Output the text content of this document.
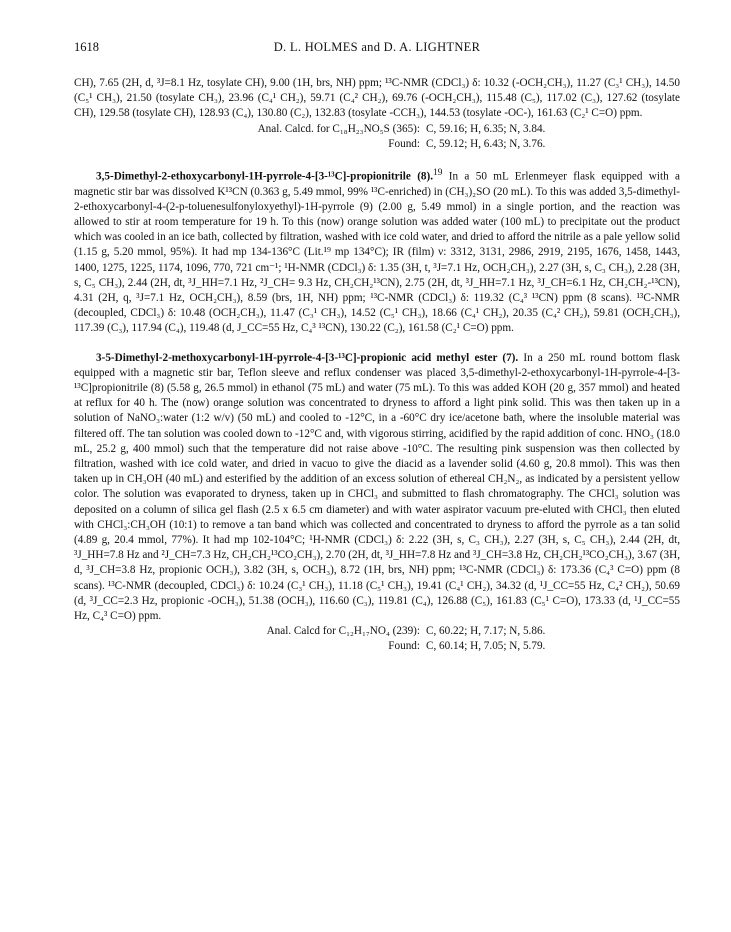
1618	D. L. HOLMES and D. A. LIGHTNER

CH), 7.65 (2H, d, ³J=8.1 Hz, tosylate CH), 9.00 (1H, brs, NH) ppm; ¹³C-NMR (CDCl₃) δ: 10.32 (-OCH₂CH₃), 11.27 (C₃¹ CH₃), 14.50 (C₅¹ CH₃), 21.50 (tosylate CH₃), 23.96 (C₄¹ CH₂), 59.71 (C₄² CH₂), 69.76 (-OCH₂CH₃), 115.48 (C₅), 117.02 (C₃), 127.62 (tosylate CH), 129.58 (tosylate CH), 128.93 (C₄), 130.80 (C₂), 132.83 (tosylate -CCH₃), 144.53 (tosylate -OC-), 161.63 (C₂¹ C=O) ppm.

Anal. Calcd. for C₁₈H₂₃NO₅S (365): C, 59.16; H, 6.35; N, 3.84.
Found: C, 59.12; H, 6.43; N, 3.76.

3,5-Dimethyl-2-ethoxycarbonyl-1H-pyrrole-4-[3-¹³C]-propionitrile (8).$^{19}$ In a 50 mL Erlenmeyer flask equipped with a magnetic stir bar was dissolved K¹³CN (0.363 g, 5.49 mmol, 99% ¹³C-enriched) in (CH₃)₂SO (20 mL). To this was added 3,5-dimethyl-2-ethoxycarbonyl-4-(2-p-toluenesulfonyloxyethyl)-1H-pyrrole (9) (2.00 g, 5.49 mmol) in a single portion, and the reaction was allowed to stir at room temperature for 19 h. To this (now) orange solution was added water (100 mL) to precipitate out the product which was cooled in an ice bath, collected by filtration, washed with ice cold water, and dried to afford the nitrile as a pale yellow solid (1.15 g, 5.20 mmol, 95%). It had mp 134-136°C (Lit.¹⁹ mp 134°C); IR (film) ν: 3312, 3131, 2986, 2919, 2195, 1676, 1458, 1443, 1400, 1275, 1225, 1174, 1096, 770, 721 cm⁻¹; ¹H-NMR (CDCl₃) δ: 1.35 (3H, t, ³J=7.1 Hz, OCH₂CH₃), 2.27 (3H, s, C₃ CH₃), 2.28 (3H, s, C₅ CH₃), 2.44 (2H, dt, ³J_HH=7.1 Hz, ²J_CH= 9.3 Hz, CH₂CH₂¹³CN), 2.75 (2H, dt, ³J_HH=7.1 Hz, ³J_CH=6.1 Hz, CH₂CH₂-¹³CN), 4.31 (2H, q, ³J=7.1 Hz, OCH₂CH₃), 8.59 (brs, 1H, NH) ppm; ¹³C-NMR (CDCl₃) δ: 119.32 (C₄³ ¹³CN) ppm (8 scans). ¹³C-NMR (decoupled, CDCl₃) δ: 10.48 (OCH₂CH₃), 11.47 (C₃¹ CH₃), 14.52 (C₅¹ CH₃), 18.66 (C₄¹ CH₂), 20.35 (C₄² CH₂), 59.81 (OCH₂CH₃), 117.39 (C₃), 117.94 (C₄), 119.48 (d, J_CC=55 Hz, C₄³ ¹³CN), 130.22 (C₂), 161.58 (C₂¹ C=O) ppm.

3-5-Dimethyl-2-methoxycarbonyl-1H-pyrrole-4-[3-¹³C]-propionic acid methyl ester (7). In a 250 mL round bottom flask equipped with a magnetic stir bar, Teflon sleeve and reflux condenser was placed 3,5-dimethyl-2-ethoxycarbonyl-1H-pyrrole-4-[3-¹³C]propionitrile (8) (5.58 g, 26.5 mmol) in ethanol (75 mL) and water (75 mL). To this was added KOH (20 g, 357 mmol) and heated at reflux for 40 h. The (now) orange solution was concentrated to dryness to afford a light pink solid. This was then taken up in a solution of NaNO₃:water (1:2 w/v) (50 mL) and cooled to -12°C, in a -60°C dry ice/acetone bath, where the insoluble material was filtered off. The tan solution was cooled down to -12°C and, with vigorous stirring, acidified by the rapid addition of conc. HNO₃ (18.0 mL, 25.2 g, 400 mmol) such that the temperature did not raise above -10°C. The resulting pink suspension was then collected by filtration, washed with ice cold water, and dried in vacuo to give the diacid as a lavender solid (4.60 g, 20.8 mmol). This was then taken up in CH₃OH (40 mL) and esterified by the addition of an excess solution of ethereal CH₂N₂, as indicated by a persistent yellow color. The solution was evaporated to dryness, taken up in CHCl₃ and submitted to flash chromatography. The CHCl₃ solution was deposited on a column of silica gel flash (2.5 x 6.5 cm diameter) and with water aspirator vacuum pre-eluted with CHCl₃ then eluted with CHCl₃:CH₃OH (10:1) to remove a tan band which was collected and concentrated to dryness to afford the pyrrole as a tan solid (4.89 g, 20.4 mmol, 77%). It had mp 102-104°C; ¹H-NMR (CDCl₃) δ: 2.22 (3H, s, C₃ CH₃), 2.27 (3H, s, C₅ CH₃), 2.44 (2H, dt, ³J_HH=7.8 Hz and ²J_CH=7.3 Hz, CH₂CH₂¹³CO₂CH₃), 2.70 (2H, dt, ³J_HH=7.8 Hz and ³J_CH=3.8 Hz, CH₂CH₂¹³CO₂CH₃), 3.67 (3H, d, ³J_CH=3.8 Hz, propionic OCH₃), 3.82 (3H, s, OCH₃), 8.72 (1H, brs, NH) ppm; ¹³C-NMR (CDCl₃) δ: 173.36 (C₄³ C=O) ppm (8 scans). ¹³C-NMR (decoupled, CDCl₃) δ: 10.24 (C₃¹ CH₃), 11.18 (C₅¹ CH₃), 19.41 (C₄¹ CH₂), 34.32 (d, ¹J_CC=55 Hz, C₄² CH₂), 50.69 (d, ³J_CC=2.3 Hz, propionic -OCH₃), 51.38 (OCH₃), 116.60 (C₃), 119.81 (C₄), 126.88 (C₅), 161.83 (C₅¹ C=O), 173.33 (d, ¹J_CC=55 Hz, C₄³ C=O) ppm.

Anal. Calcd for C₁₂H₁₇NO₄ (239): C, 60.22; H, 7.17; N, 5.86.
Found: C, 60.14; H, 7.05; N, 5.79.
